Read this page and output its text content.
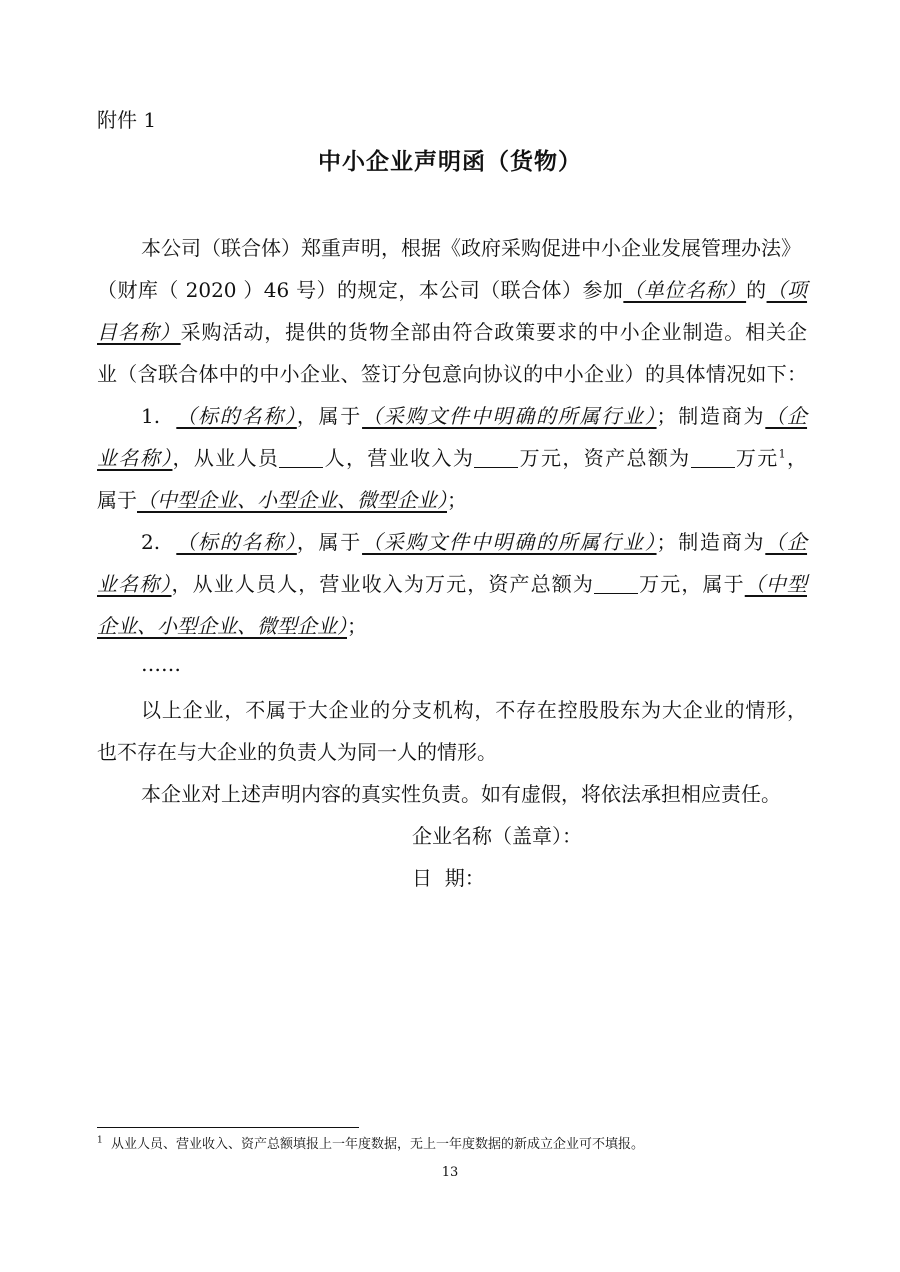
附件 1
中小企业声明函（货物）
本公司（联合体）郑重声明，根据《政府采购促进中小企业发展管理办法》
（财库（ 2020 ）46 号）的规定，本公司（联合体）参加（单位名称）的（项
目名称）采购活动，提供的货物全部由符合政策要求的中小企业制造。相关企
业（含联合体中的中小企业、签订分包意向协议的中小企业）的具体情况如下：
1. （标的名称），属于（采购文件中明确的所属行业）；制造商为（企
业名称），从业人员 人，营业收入为 万元，资产总额为 万元$^1$，
属于（中型企业、小型企业、微型企业）；
2. （标的名称），属于（采购文件中明确的所属行业）；制造商为（企
业名称），从业人员人，营业收入为万元，资产总额为 万元，属于（中型
企业、小型企业、微型企业）；
……
以上企业，不属于大企业的分支机构，不存在控股股东为大企业的情形，
也不存在与大企业的负责人为同一人的情形。
本企业对上述声明内容的真实性负责。如有虚假，将依法承担相应责任。
企业名称（盖章）：
日  期：
$^1$ 从业人员、营业收入、资产总额填报上一年度数据，无上一年度数据的新成立企业可不填报。
13
